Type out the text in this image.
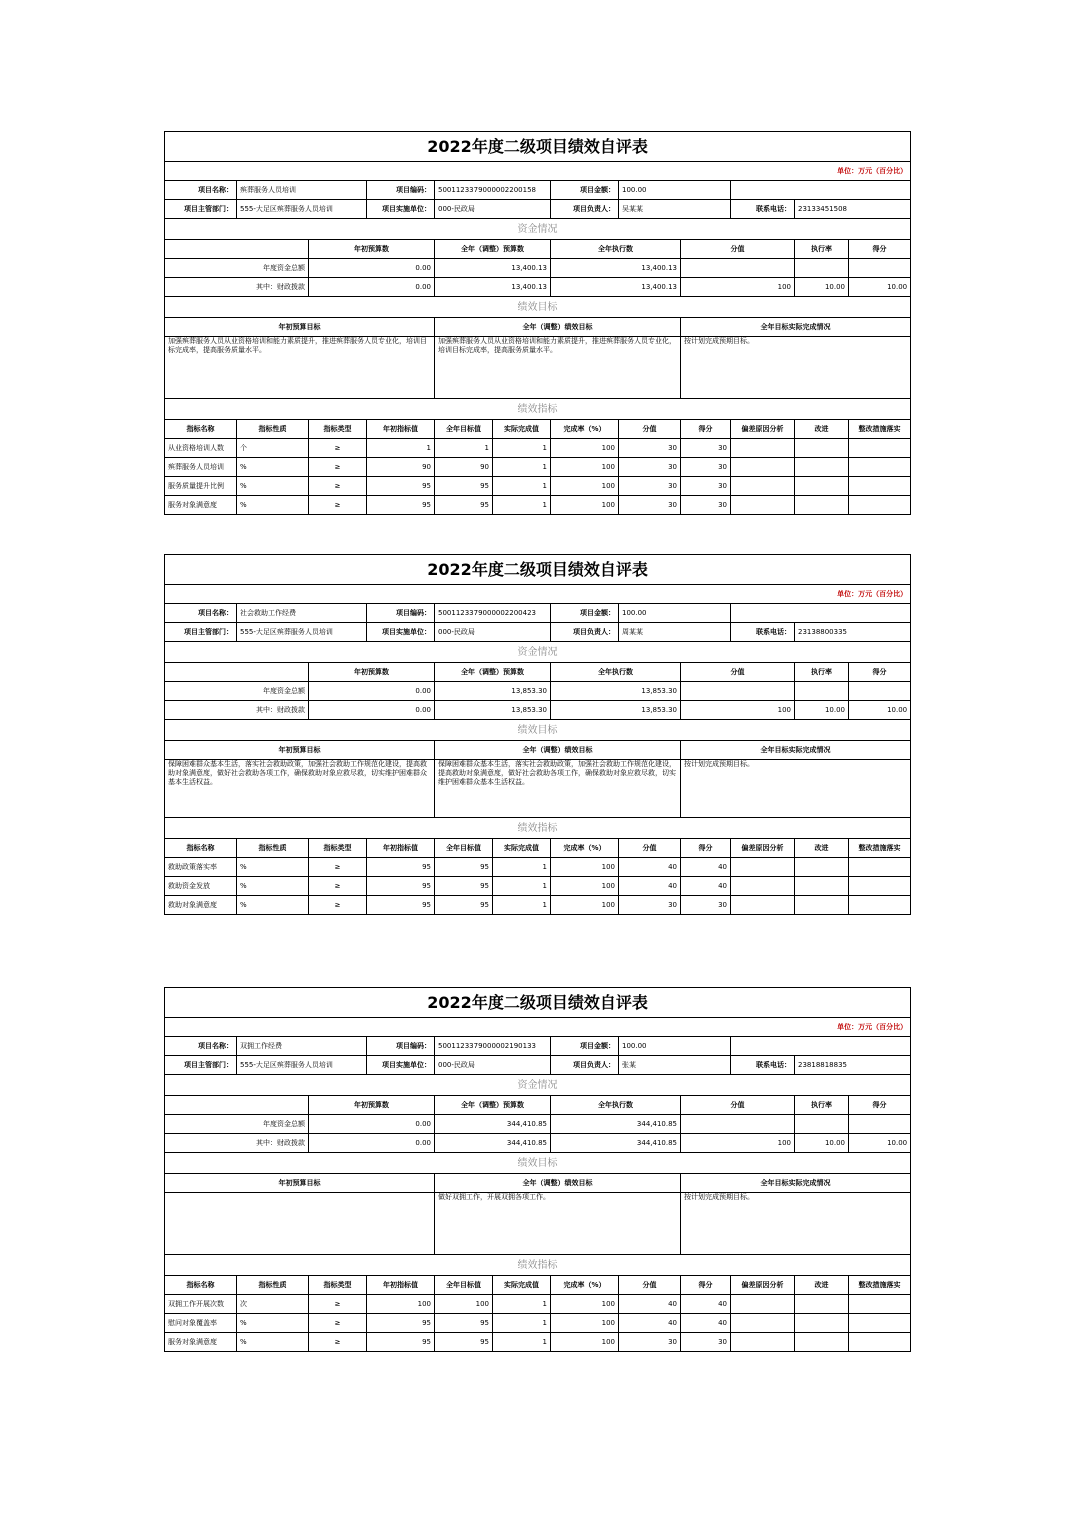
2022年度二级项目绩效自评表											
单位：万元（百分比）											
项目名称：	殡葬服务人员培训		项目编码：	5001123379000002200158		项目金额：	100.00				
项目主管部门：	555-大足区殡葬服务人员培训		项目实施单位：	000-民政局		项目负责人：	吴某某		联系电话：	23133451508	
资金情况											
		年初预算数		全年（调整）预算数		全年执行数		分值		执行率	得分
年度资金总额		0.00		13,400.13		13,400.13					
其中：财政拨款		0.00		13,400.13		13,400.13		100		10.00	10.00
绩效目标											
年初预算目标				全年（调整）绩效目标				全年目标实际完成情况			
加强殡葬服务人员从业资格培训和能力素质提升，推进殡葬服务人员专业化，培训目标完成率，提高服务质量水平。				加强殡葬服务人员从业资格培训和能力素质提升，推进殡葬服务人员专业化，培训目标完成率，提高服务质量水平。				按计划完成预期目标。			
绩效指标											
指标名称	指标性质	指标类型	年初指标值	全年目标值	实际完成值	完成率（%）	分值	得分	偏差原因分析	改进	整改措施落实
从业资格培训人数	个	≥	1	1	1	100	30	30			
殡葬服务人员培训	%	≥	90	90	1	100	30	30			
服务质量提升比例	%	≥	95	95	1	100	30	30			
服务对象满意度	%	≥	95	95	1	100	30	30			
2022年度二级项目绩效自评表											
单位：万元（百分比）											
项目名称：	社会救助工作经费		项目编码：	5001123379000002200423		项目金额：	100.00				
项目主管部门：	555-大足区殡葬服务人员培训		项目实施单位：	000-民政局		项目负责人：	周某某		联系电话：	23138800335	
资金情况											
		年初预算数		全年（调整）预算数		全年执行数		分值		执行率	得分
年度资金总额		0.00		13,853.30		13,853.30					
其中：财政拨款		0.00		13,853.30		13,853.30		100		10.00	10.00
绩效目标											
年初预算目标				全年（调整）绩效目标				全年目标实际完成情况			
保障困难群众基本生活，落实社会救助政策，加强社会救助工作规范化建设，提高救助对象满意度，做好社会救助各项工作，确保救助对象应救尽救，切实维护困难群众基本生活权益。				保障困难群众基本生活，落实社会救助政策，加强社会救助工作规范化建设，提高救助对象满意度，做好社会救助各项工作，确保救助对象应救尽救，切实维护困难群众基本生活权益。				按计划完成预期目标。			
绩效指标											
指标名称	指标性质	指标类型	年初指标值	全年目标值	实际完成值	完成率（%）	分值	得分	偏差原因分析	改进	整改措施落实
救助政策落实率	%	≥	95	95	1	100	40	40			
救助资金发放	%	≥	95	95	1	100	40	40			
救助对象满意度	%	≥	95	95	1	100	30	30			
2022年度二级项目绩效自评表											
单位：万元（百分比）											
项目名称：	双拥工作经费		项目编码：	5001123379000002190133		项目金额：	100.00				
项目主管部门：	555-大足区殡葬服务人员培训		项目实施单位：	000-民政局		项目负责人：	张某		联系电话：	23818818835	
资金情况											
		年初预算数		全年（调整）预算数		全年执行数		分值		执行率	得分
年度资金总额		0.00		344,410.85		344,410.85					
其中：财政拨款		0.00		344,410.85		344,410.85		100		10.00	10.00
绩效目标											
年初预算目标				全年（调整）绩效目标				全年目标实际完成情况			
				做好双拥工作，开展双拥各项工作。				按计划完成预期目标。			
绩效指标											
指标名称	指标性质	指标类型	年初指标值	全年目标值	实际完成值	完成率（%）	分值	得分	偏差原因分析	改进	整改措施落实
双拥工作开展次数	次	≥	100	100	1	100	40	40			
慰问对象覆盖率	%	≥	95	95	1	100	40	40			
服务对象满意度	%	≥	95	95	1	100	30	30			
